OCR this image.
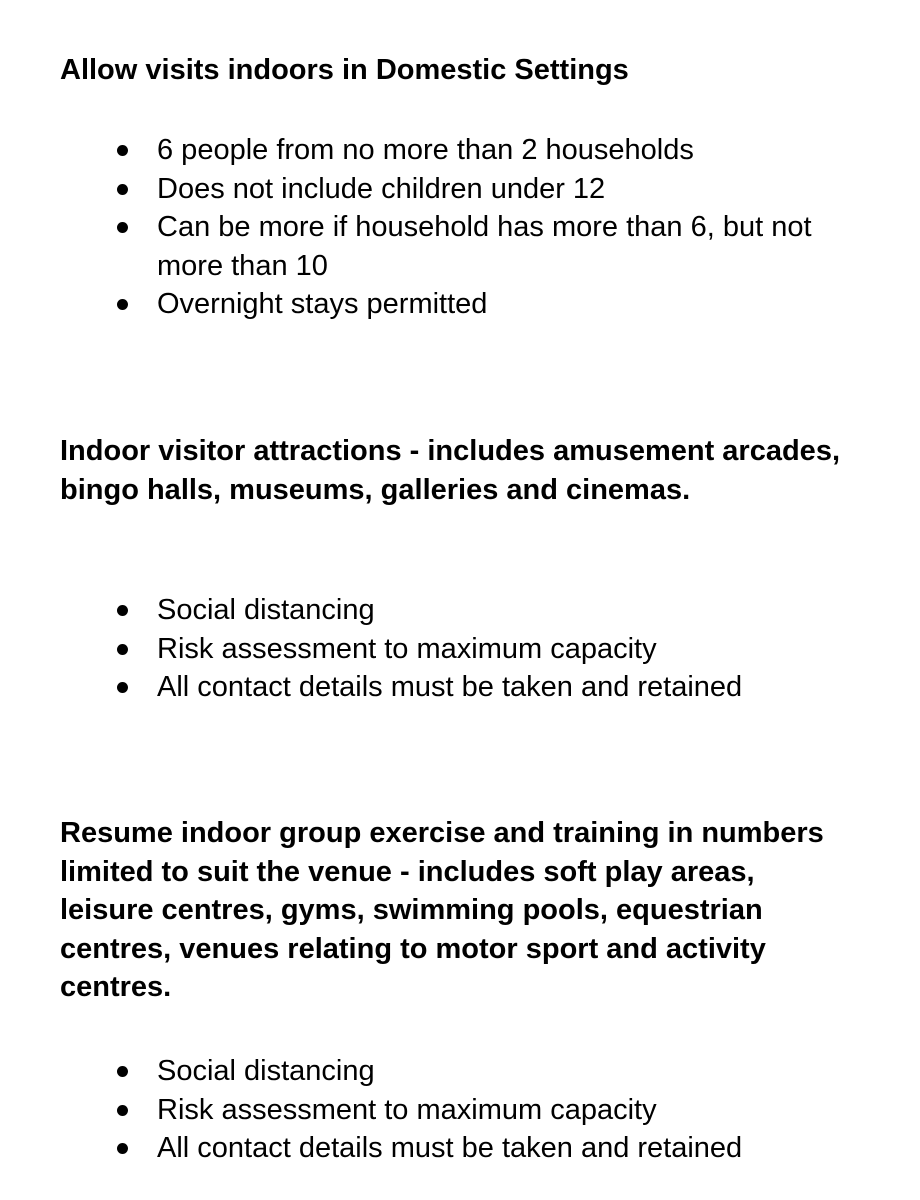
Allow visits indoors in Domestic Settings
6 people from no more than 2 households
Does not include children under 12
Can be more if household has more than 6, but not more than 10
Overnight stays permitted
Indoor visitor attractions - includes amusement arcades, bingo halls, museums, galleries and cinemas.
Social distancing
Risk assessment to maximum capacity
All contact details must be taken and retained
Resume indoor group exercise and training in numbers limited to suit the venue - includes soft play areas, leisure centres, gyms, swimming pools, equestrian centres, venues relating to motor sport and activity centres.
Social distancing
Risk assessment to maximum capacity
All contact details must be taken and retained
